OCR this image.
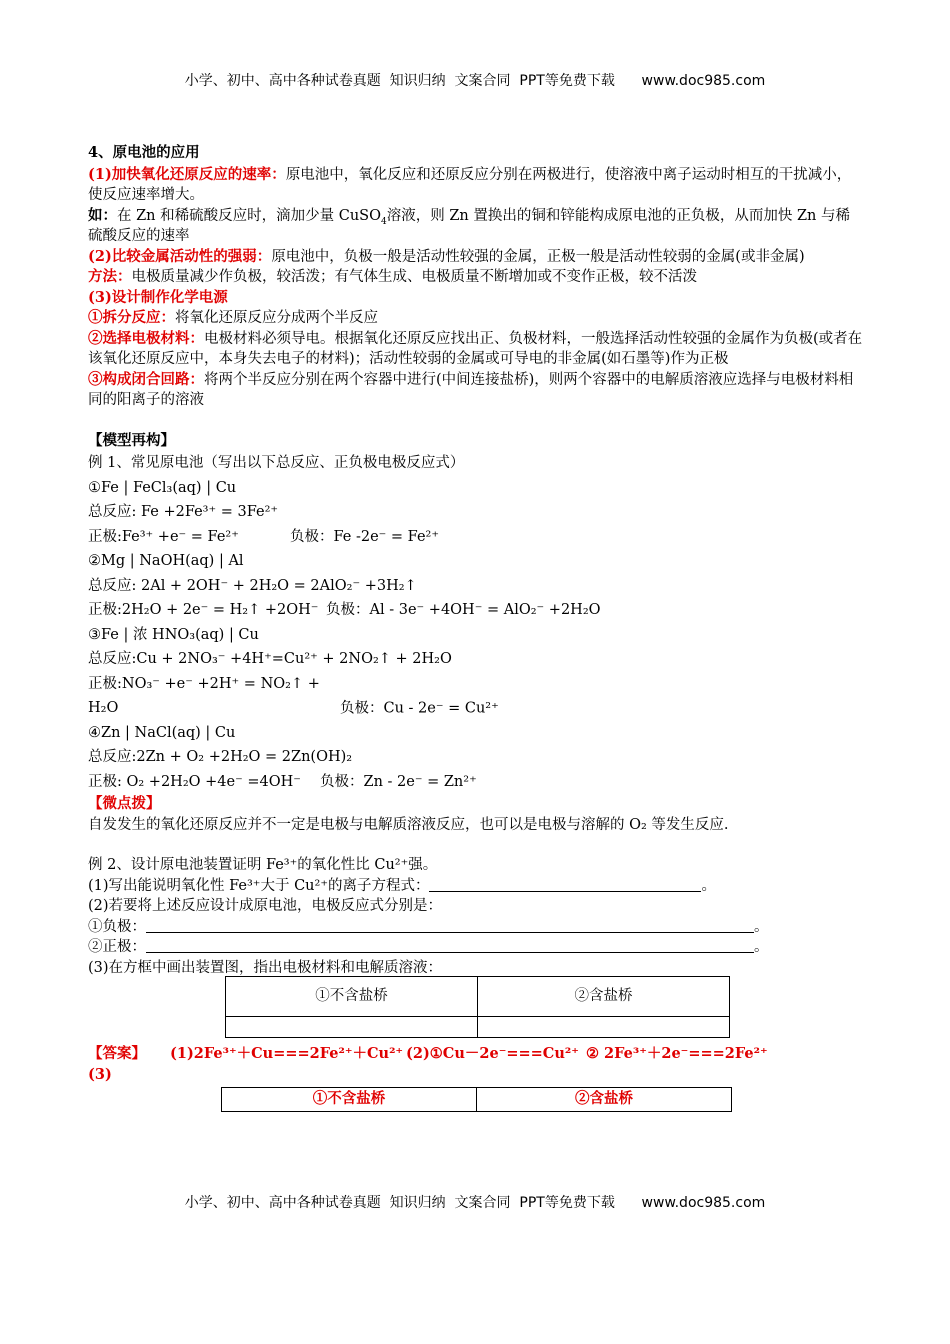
小学、初中、高中各种试卷真题  知识归纳  文案合同  PPT等免费下载      www.doc985.com

4、原电池的应用

(1)加快氧化还原反应的速率：原电池中，氧化反应和还原反应分别在两极进行，使溶液中离子运动时相互的干扰减小，使反应速率增大。

如：在 Zn 和稀硫酸反应时，滴加少量 CuSO$_4$溶液，则 Zn 置换出的铜和锌能构成原电池的正负极，从而加快 Zn 与稀硫酸反应的速率

(2)比较金属活动性的强弱：原电池中，负极一般是活动性较强的金属，正极一般是活动性较弱的金属(或非金属)

方法：电极质量减少作负极，较活泼；有气体生成、电极质量不断增加或不变作正极，较不活泼

(3)设计制作化学电源

①拆分反应：将氧化还原反应分成两个半反应

②选择电极材料：电极材料必须导电。根据氧化还原反应找出正、负极材料，一般选择活动性较强的金属作为负极(或者在该氧化还原反应中，本身失去电子的材料)；活动性较弱的金属或可导电的非金属(如石墨等)作为正极

③构成闭合回路：将两个半反应分别在两个容器中进行(中间连接盐桥)，则两个容器中的电解质溶液应选择与电极材料相同的阳离子的溶液

【模型再构】

例 1、常见原电池（写出以下总反应、正负极电极反应式）

①Fe | FeCl₃(aq) | Cu

总反应: Fe +2Fe³⁺ = 3Fe²⁺

正极:Fe³⁺ +e⁻ = Fe²⁺	负极：Fe -2e⁻ = Fe²⁺

②Mg | NaOH(aq) | Al

总反应: 2Al + 2OH⁻ + 2H₂O = 2AlO₂⁻ +3H₂↑

正极:2H₂O + 2e⁻ = H₂↑ +2OH⁻ 负极：Al - 3e⁻ +4OH⁻ = AlO₂⁻ +2H₂O

③Fe | 浓 HNO₃(aq) | Cu

总反应:Cu + 2NO₃⁻ +4H⁺=Cu²⁺ + 2NO₂↑ + 2H₂O

正极:NO₃⁻ +e⁻ +2H⁺ = NO₂↑ + H₂O	负极：Cu - 2e⁻ = Cu²⁺

④Zn | NaCl(aq) | Cu

总反应:2Zn + O₂ +2H₂O = 2Zn(OH)₂

正极: O₂ +2H₂O +4e⁻ =4OH⁻ 负极：Zn - 2e⁻ = Zn²⁺

【微点拨】

自发发生的氧化还原反应并不一定是电极与电解质溶液反应，也可以是电极与溶解的 O₂ 等发生反应.

例 2、设计原电池装置证明 Fe³⁺的氧化性比 Cu²⁺强。

(1)写出能说明氧化性 Fe³⁺大于 Cu²⁺的离子方程式：	。

(2)若要将上述反应设计成原电池，电极反应式分别是：

①负极：	。

②正极：	。

(3)在方框中画出装置图，指出电极材料和电解质溶液：

①不含盐桥	②含盐桥

【答案】 (1)2Fe³⁺＋Cu===2Fe²⁺＋Cu²⁺ (2)①Cu－2e⁻===Cu²⁺ ② 2Fe³⁺＋2e⁻===2Fe²⁺

(3)

①不含盐桥	②含盐桥
小学、初中、高中各种试卷真题  知识归纳  文案合同  PPT等免费下载      www.doc985.com
